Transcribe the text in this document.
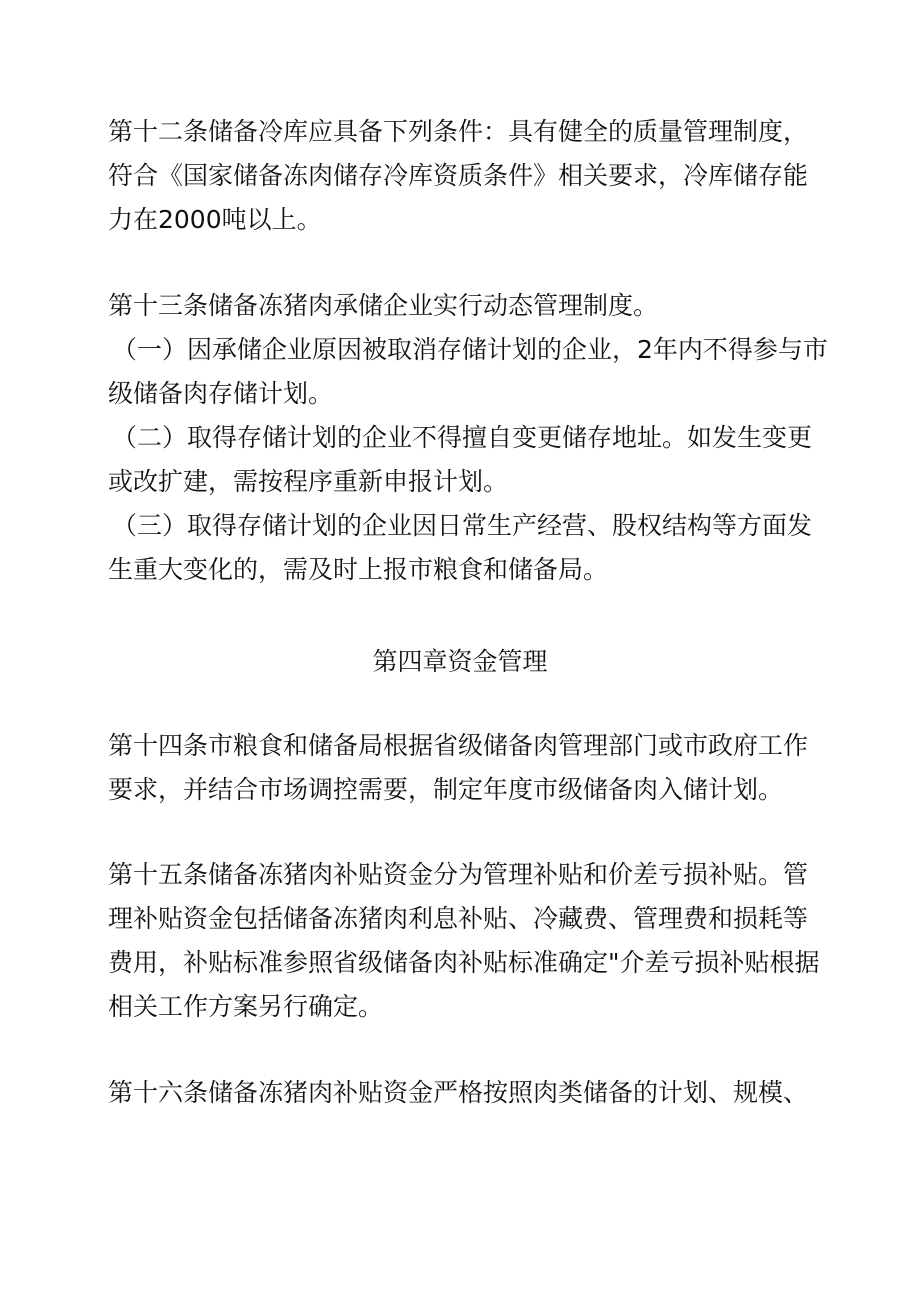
第十二条储备冷库应具备下列条件：具有健全的质量管理制度，
符合《国家储备冻肉储存冷库资质条件》相关要求，冷库储存能
力在2000吨以上。
第十三条储备冻猪肉承储企业实行动态管理制度。
（一）因承储企业原因被取消存储计划的企业，2年内不得参与市
级储备肉存储计划。
（二）取得存储计划的企业不得擅自变更储存地址。如发生变更
或改扩建，需按程序重新申报计划。
（三）取得存储计划的企业因日常生产经营、股权结构等方面发
生重大变化的，需及时上报市粮食和储备局。
第四章资金管理
第十四条市粮食和储备局根据省级储备肉管理部门或市政府工作
要求，并结合市场调控需要，制定年度市级储备肉入储计划。
第十五条储备冻猪肉补贴资金分为管理补贴和价差亏损补贴。管
理补贴资金包括储备冻猪肉利息补贴、冷藏费、管理费和损耗等
费用，补贴标准参照省级储备肉补贴标准确定"介差亏损补贴根据
相关工作方案另行确定。
第十六条储备冻猪肉补贴资金严格按照肉类储备的计划、规模、
